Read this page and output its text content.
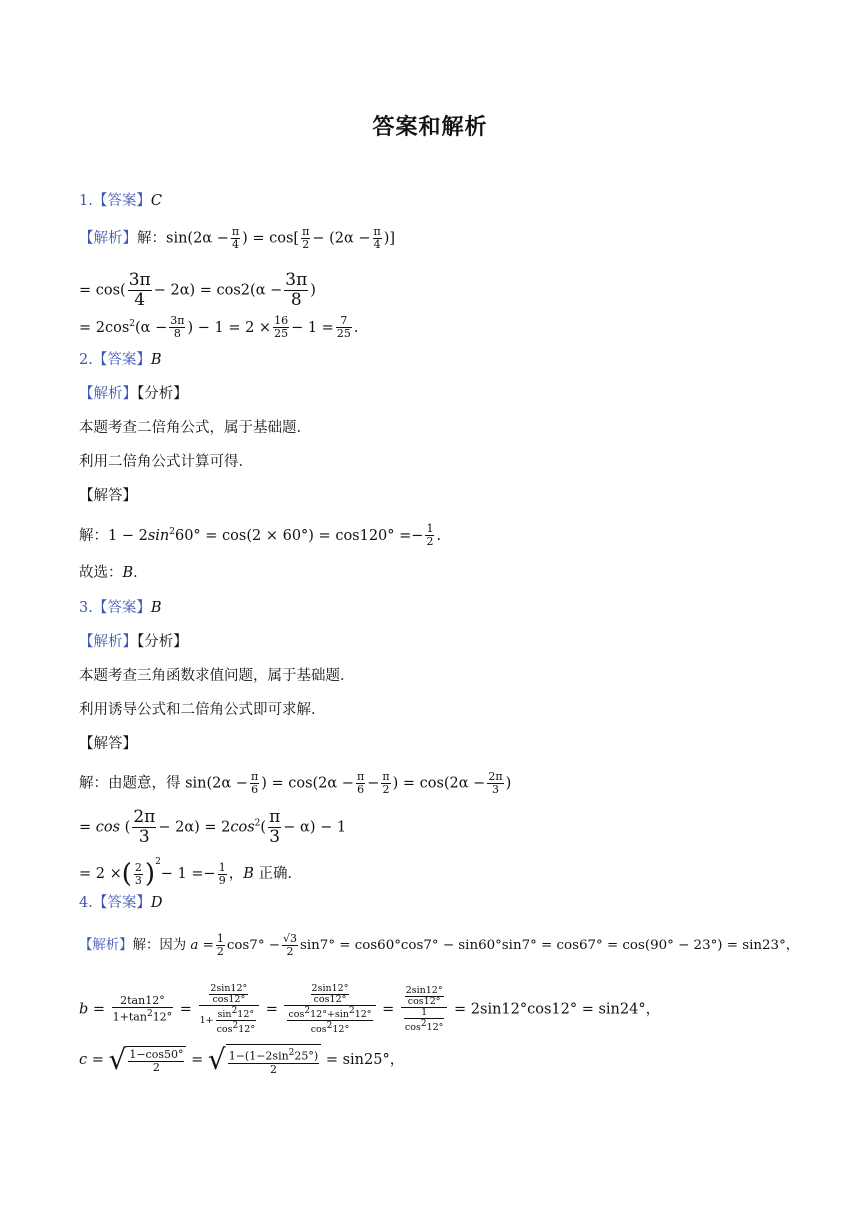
答案和解析
1.【答案】C
【解析】解：$\sin(2\alpha - \frac{\pi}{4}$ ) = $\cos[ \frac{\pi}{2} - (2\alpha - \frac{\pi}{4}$ )]
= $\cos( \frac{3\pi}{4} - 2\alpha) = \cos 2(\alpha - \frac{3\pi}{8}$ )
= $2\cos^2(\alpha - \frac{3\pi}{8}$ ) − $1 = 2 \times \frac{16}{25} - 1 = \frac{7}{25}$ .
2.【答案】B
【解析】【分析】
本题考查二倍角公式，属于基础题．
利用二倍角公式计算可得．
【解答】
解：$1 - 2\sin^260^\circ = \cos(2 \times 60^\circ) = \cos 120^\circ =- \frac{1}{2}$ .
故选：B．
3.【答案】B
【解析】【分析】
本题考查三角函数求值问题，属于基础题．
利用诱导公式和二倍角公式即可求解．
【解答】
解：由题意，得 $\sin(2\alpha - \frac{\pi}{6}$ ) = $\cos(2\alpha - \frac{\pi}{6} - \frac{\pi}{2}$ ) = $\cos(2\alpha - \frac{2\pi}{3}$ )
= cos ( $\frac{2\pi}{3} - 2\alpha) = 2\cos^2( \frac{\pi}{3} - \alpha) - 1$
= 2 ×( $\frac{2}{3} )^2- 1 =- \frac{1}{9}$ ，B 正确．
4.【答案】D
【解析】解：因为 $a = \frac{1}{2} \cos 7^\circ - \frac{√3}{2} \sin 7^\circ = \cos 60^\circ\cos 7^\circ - \sin 60^\circ\sin 7^\circ = \cos 67^\circ = \cos(90^\circ - 23^\circ) = \sin 23^\circ$，
$b = \frac{2\tan 12^\circ}{1+\tan^212^\circ} = \frac{\frac{2\sin 12^\circ}{\cos 12^\circ}}{1+ \frac{\sin^212^\circ}{\cos^212^\circ}} = \frac{\frac{2\sin 12^\circ}{\cos 12^\circ}}{\frac{\cos^212^\circ+\sin^212^\circ}{\cos^212^\circ}} = \frac{\frac{2\sin 12^\circ}{\cos 12^\circ}}{\frac{1}{\cos^212^\circ}} = 2\sin 12^\circ\cos 12^\circ = \sin 24^\circ$，
c = √ $\frac{1-\cos 50^\circ}{2}$ = √ $\frac{1-(1-2\sin^225^\circ)}{2} = \sin 25^\circ$，
